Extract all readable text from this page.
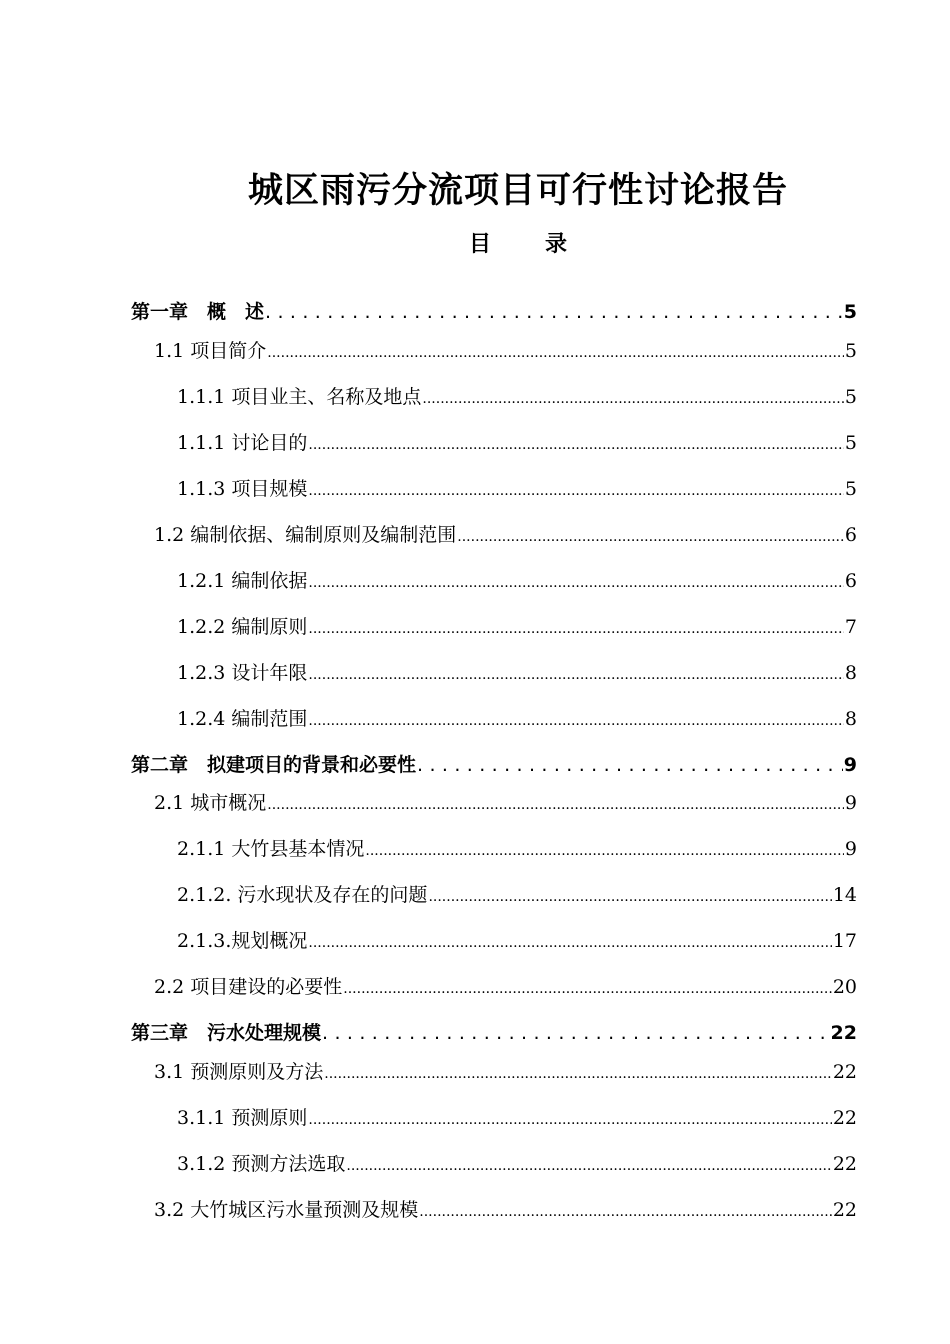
城区雨污分流项目可行性讨论报告
目 录
第一章　概　述 .....	5
1.1 项目简介 .....	5
1.1.1 项目业主、名称及地点 .....	5
1.1.1 讨论目的 .....	5
1.1.3 项目规模 .....	5
1.2 编制依据、编制原则及编制范围 .....	6
1.2.1 编制依据 .....	6
1.2.2 编制原则 .....	7
1.2.3 设计年限 .....	8
1.2.4 编制范围 .....	8
第二章　拟建项目的背景和必要性 .....	9
2.1 城市概况 .....	9
2.1.1 大竹县基本情况 .....	9
2.1.2. 污水现状及存在的问题 .....	14
2.1.3.规划概况 .....	17
2.2 项目建设的必要性 .....	20
第三章　污水处理规模 .....	22
3.1 预测原则及方法 .....	22
3.1.1 预测原则 .....	22
3.1.2 预测方法选取 .....	22
3.2 大竹城区污水量预测及规模 .....	22
